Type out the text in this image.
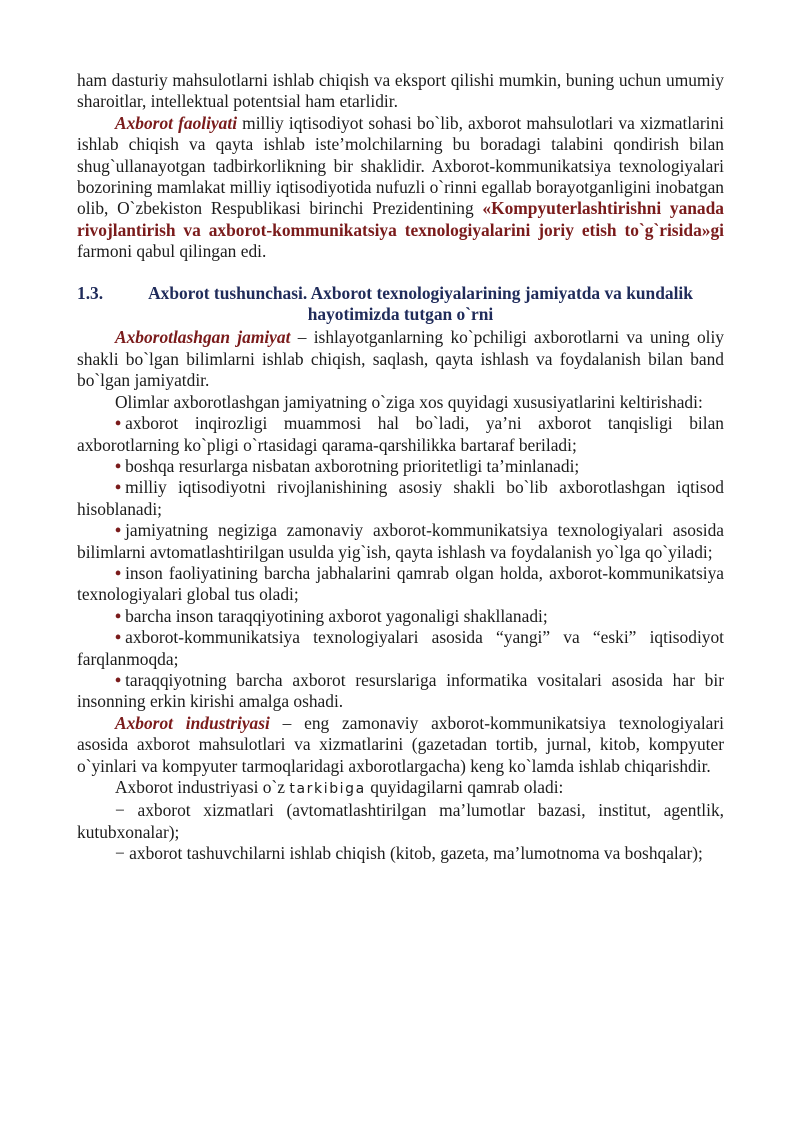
ham dasturiy mahsulotlarni ishlab chiqish va eksport qilishi mumkin, buning uchun umumiy sharoitlar, intellektual potentsial ham etarlidir.

Axborot faoliyati milliy iqtisodiyot sohasi bo`lib, axborot mahsulotlari va xizmatlarini ishlab chiqish va qayta ishlab iste’molchilarning bu boradagi talabini qondirish bilan shug`ullanayotgan tadbirkorlikning bir shaklidir. Axborot-kommunikatsiya texnologiyalari bozorining mamlakat milliy iqtisodiyotida nufuzli o`rinni egallab borayotganligini inobatgan olib, O`zbekiston Respublikasi birinchi Prezidentining «Kompyuterlashtirishni yanada rivojlantirish va axborot-kommunikatsiya texnologiyalarini joriy etish to`g`risida»gi farmoni qabul qilingan edi.

1.3.	Axborot tushunchasi. Axborot texnologiyalarining jamiyatda va kundalik hayotimizda tutgan o`rni

Axborotlashgan jamiyat – ishlayotganlarning ko`pchiligi axborotlarni va uning oliy shakli bo`lgan bilimlarni ishlab chiqish, saqlash, qayta ishlash va foydalanish bilan band bo`lgan jamiyatdir.

Olimlar axborotlashgan jamiyatning o`ziga xos quyidagi xususiyatlarini keltirishadi:

• axborot inqirozligi muammosi hal bo`ladi, ya’ni axborot tanqisligi bilan axborotlarning ko`pligi o`rtasidagi qarama-qarshilikka bartaraf beriladi;

• boshqa resurlarga nisbatan axborotning prioritetligi ta’minlanadi;

• milliy iqtisodiyotni rivojlanishining asosiy shakli bo`lib axborotlashgan iqtisod hisoblanadi;

• jamiyatning negiziga zamonaviy axborot-kommunikatsiya texnologiyalari asosida bilimlarni avtomatlashtirilgan usulda yig`ish, qayta ishlash va foydalanish yo`lga qo`yiladi;

• inson faoliyatining barcha jabhalarini qamrab olgan holda, axborot-kommunikatsiya texnologiyalari global tus oladi;

• barcha inson taraqqiyotining axborot yagonaligi shakllanadi;

• axborot-kommunikatsiya texnologiyalari asosida “yangi” va “eski” iqtisodiyot farqlanmoqda;

• taraqqiyotning barcha axborot resurslariga informatika vositalari asosida har bir insonning erkin kirishi amalga oshadi.

Axborot industriyasi – eng zamonaviy axborot-kommunikatsiya texnologiyalari asosida axborot mahsulotlari va xizmatlarini (gazetadan tortib, jurnal, kitob, kompyuter o`yinlari va kompyuter tarmoqlaridagi axborotlargacha) keng ko`lamda ishlab chiqarishdir.

Axborot industriyasi o`z tarkibiga quyidagilarni qamrab oladi:

− axborot xizmatlari (avtomatlashtirilgan ma’lumotlar bazasi, institut, agentlik, kutubxonalar);

− axborot tashuvchilarni ishlab chiqish (kitob, gazeta, ma’lumotnoma va boshqalar);
